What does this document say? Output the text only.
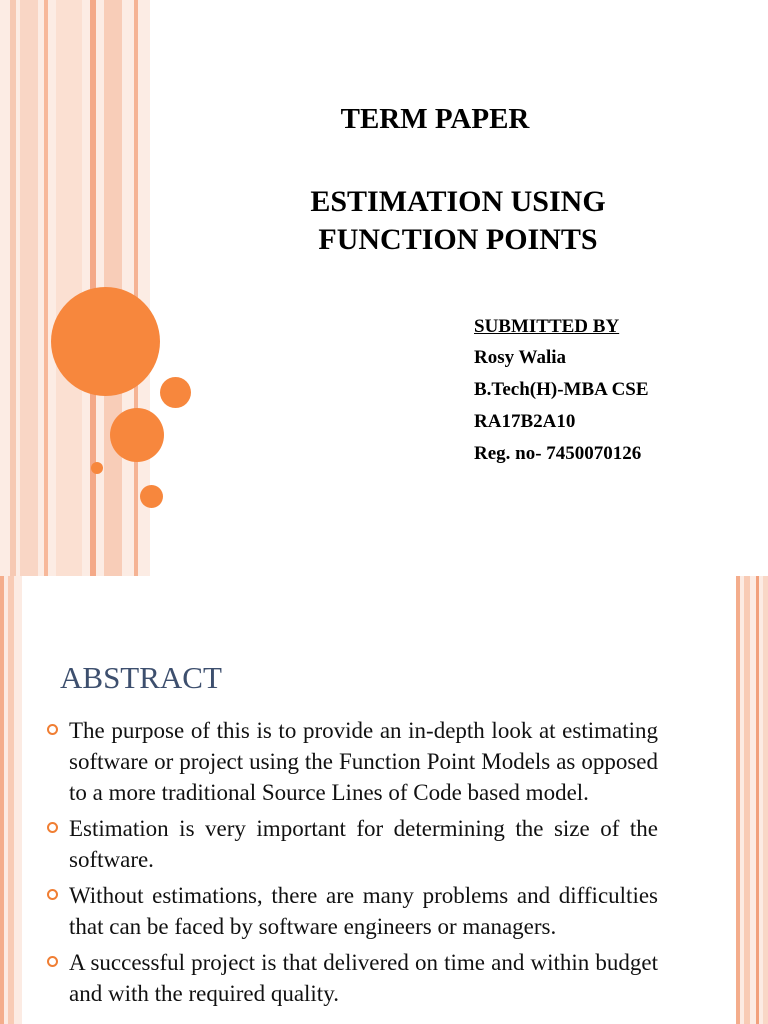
TERM PAPER
ESTIMATION USING
FUNCTION POINTS
SUBMITTED BY
Rosy Walia
B.Tech(H)-MBA CSE
RA17B2A10
Reg. no- 7450070126
ABSTRACT
The purpose of this is to provide an in-depth look at estimating software or project using the Function Point Models as opposed to a more traditional Source Lines of Code based model.
Estimation is very important for determining the size of the software.
Without estimations, there are many problems and difficulties that can be faced by software engineers or managers.
A successful project is that delivered on time and within budget and with the required quality.
